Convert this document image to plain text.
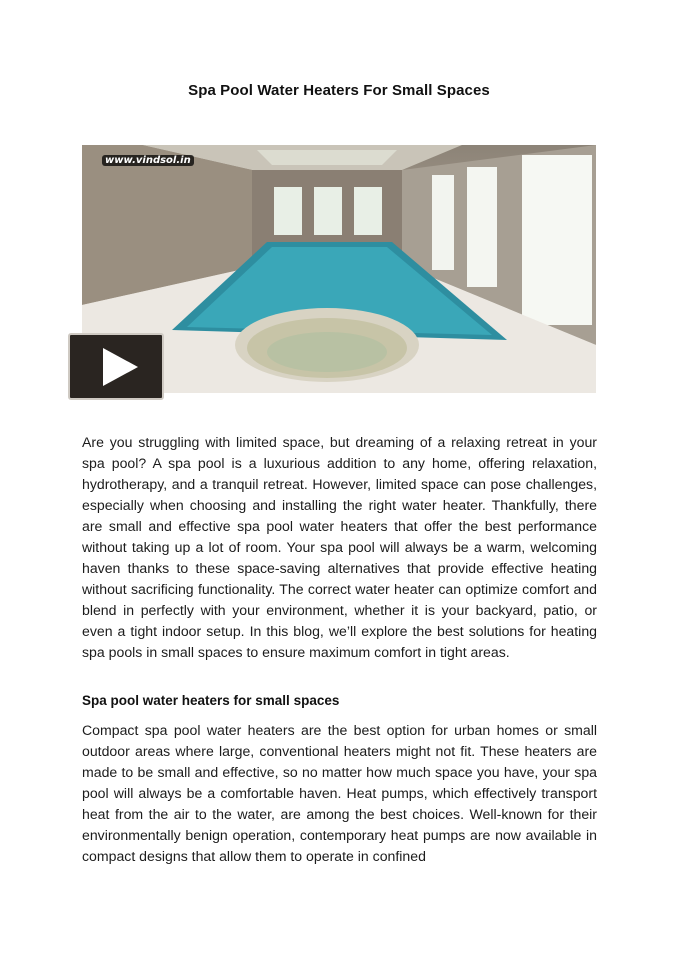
Spa Pool Water Heaters For Small Spaces
www.vindsol.in

Are you struggling with limited space, but dreaming of a relaxing retreat in your spa pool? A spa pool is a luxurious addition to any home, offering relaxation, hydrotherapy, and a tranquil retreat. However, limited space can pose challenges, especially when choosing and installing the right water heater. Thankfully, there are small and effective spa pool water heaters that offer the best performance without taking up a lot of room. Your spa pool will always be a warm, welcoming haven thanks to these space-saving alternatives that provide effective heating without sacrificing functionality. The correct water heater can optimize comfort and blend in perfectly with your environment, whether it is your backyard, patio, or even a tight indoor setup. In this blog, we’ll explore the best solutions for heating spa pools in small spaces to ensure maximum comfort in tight areas.

Spa pool water heaters for small spaces

Compact spa pool water heaters are the best option for urban homes or small outdoor areas where large, conventional heaters might not fit. These heaters are made to be small and effective, so no matter how much space you have, your spa pool will always be a comfortable haven. Heat pumps, which effectively transport heat from the air to the water, are among the best choices. Well-known for their environmentally benign operation, contemporary heat pumps are now available in compact designs that allow them to operate in confined
